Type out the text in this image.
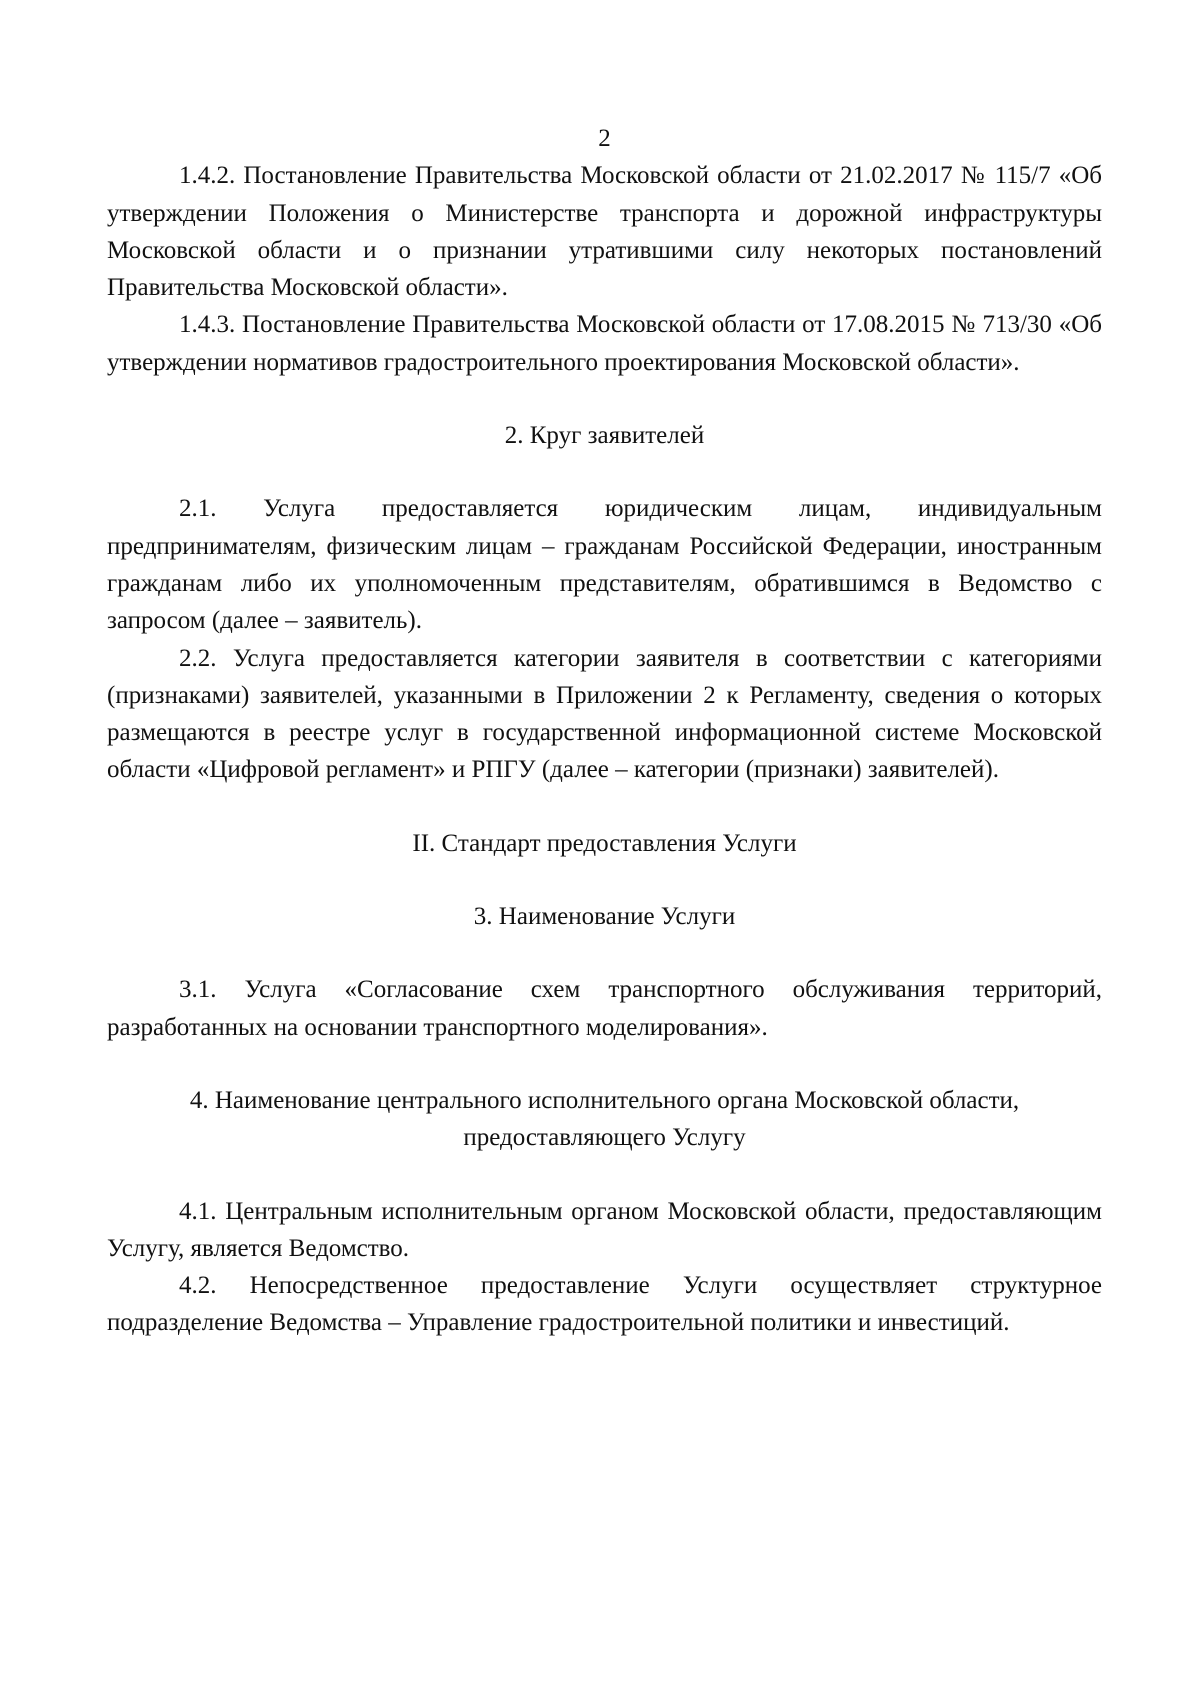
2

1.4.2. Постановление Правительства Московской области от 21.02.2017 № 115/7 «Об утверждении Положения о Министерстве транспорта и дорожной инфраструктуры Московской области и о признании утратившими силу некоторых постановлений Правительства Московской области».

1.4.3. Постановление Правительства Московской области от 17.08.2015 № 713/30 «Об утверждении нормативов градостроительного проектирования Московской области».

2. Круг заявителей

2.1. Услуга предоставляется юридическим лицам, индивидуальным предпринимателям, физическим лицам – гражданам Российской Федерации, иностранным гражданам либо их уполномоченным представителям, обратившимся в Ведомство с запросом (далее – заявитель).

2.2. Услуга предоставляется категории заявителя в соответствии с категориями (признаками) заявителей, указанными в Приложении 2 к Регламенту, сведения о которых размещаются в реестре услуг в государственной информационной системе Московской области «Цифровой регламент» и РПГУ (далее – категории (признаки) заявителей).

II. Стандарт предоставления Услуги

3. Наименование Услуги

3.1. Услуга «Согласование схем транспортного обслуживания территорий, разработанных на основании транспортного моделирования».

4. Наименование центрального исполнительного органа Московской области,

предоставляющего Услугу

4.1. Центральным исполнительным органом Московской области, предоставляющим Услугу, является Ведомство.

4.2. Непосредственное предоставление Услуги осуществляет структурное подразделение Ведомства – Управление градостроительной политики и инвестиций.
